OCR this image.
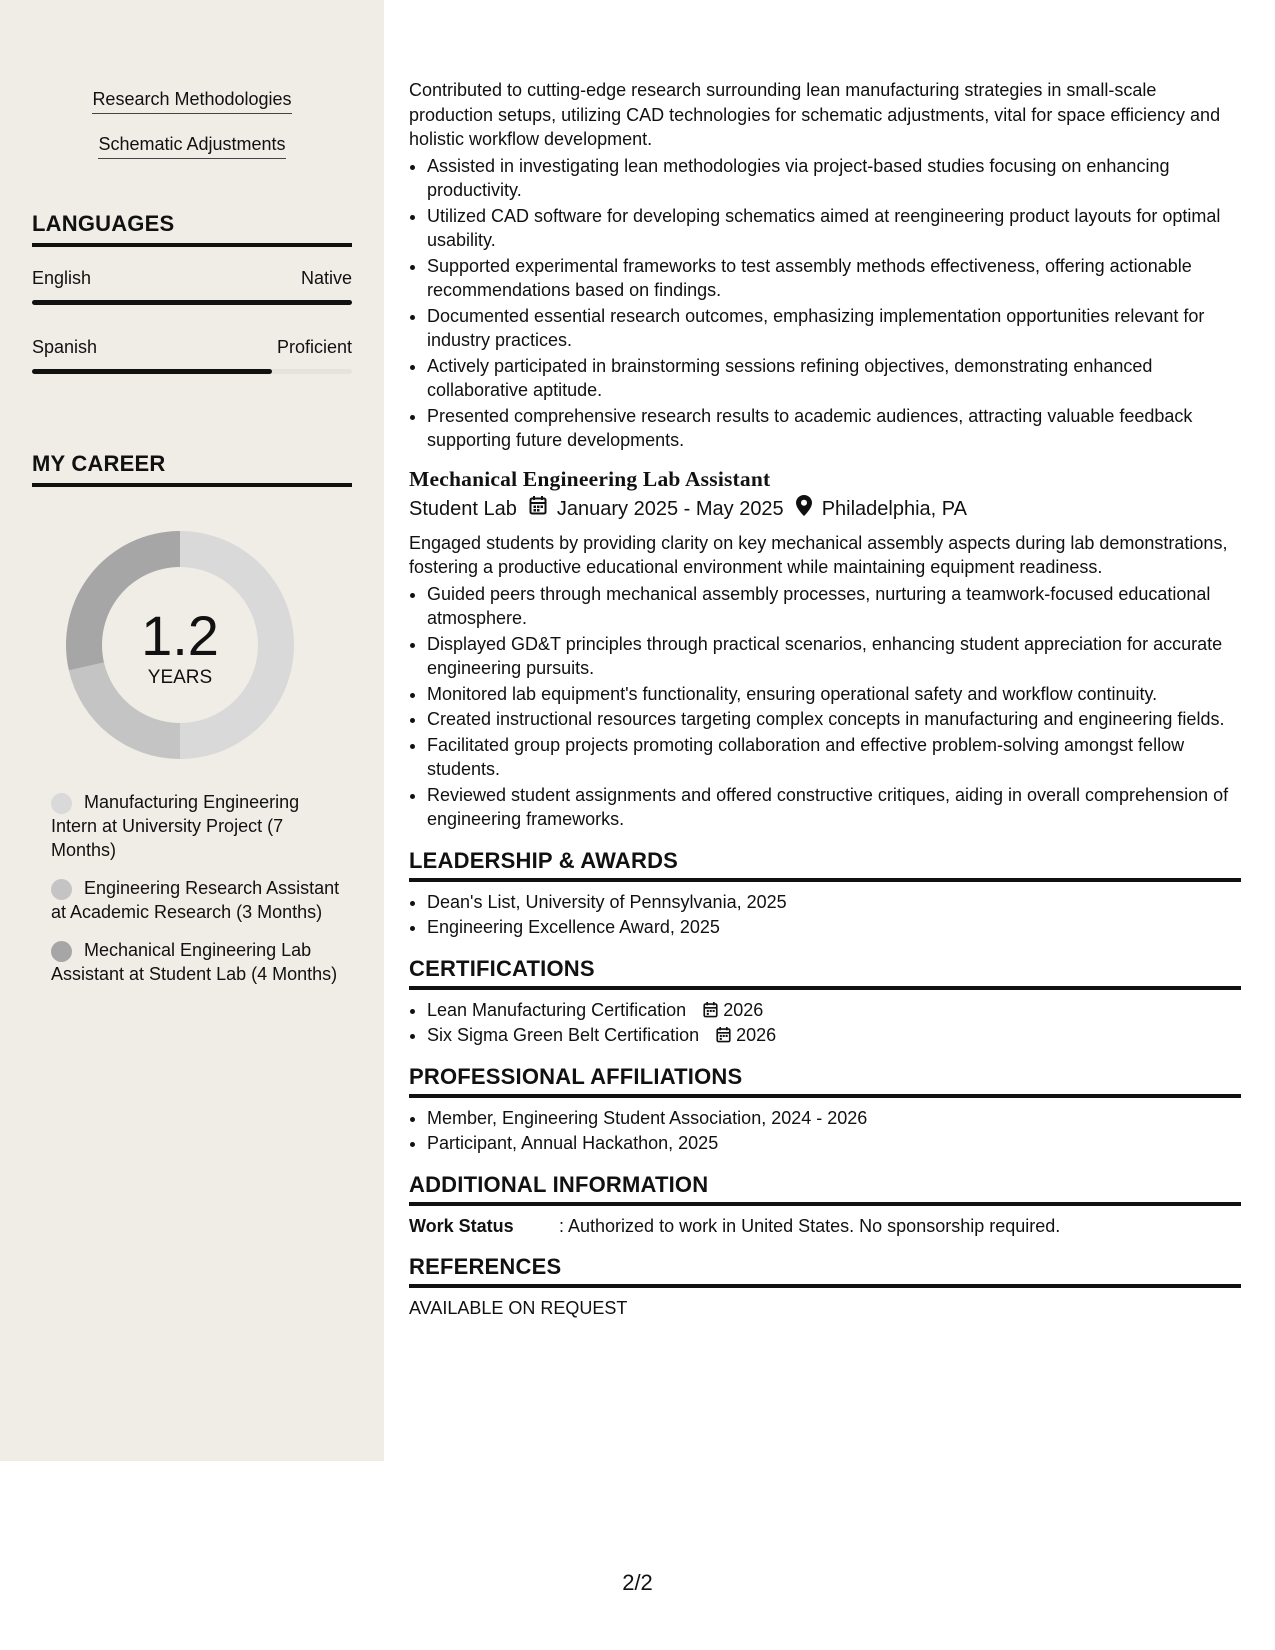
Research Methodologies
Schematic Adjustments
LANGUAGES
English	Native
Spanish	Proficient
MY CAREER
1.2
YEARS
Manufacturing Engineering Intern at University Project (7 Months)
Engineering Research Assistant at Academic Research (3 Months)
Mechanical Engineering Lab Assistant at Student Lab (4 Months)

Contributed to cutting-edge research surrounding lean manufacturing strategies in small-scale production setups, utilizing CAD technologies for schematic adjustments, vital for space efficiency and holistic workflow development.

• Assisted in investigating lean methodologies via project-based studies focusing on enhancing productivity.
• Utilized CAD software for developing schematics aimed at reengineering product layouts for optimal usability.
• Supported experimental frameworks to test assembly methods effectiveness, offering actionable recommendations based on findings.
• Documented essential research outcomes, emphasizing implementation opportunities relevant for industry practices.
• Actively participated in brainstorming sessions refining objectives, demonstrating enhanced collaborative aptitude.
• Presented comprehensive research results to academic audiences, attracting valuable feedback supporting future developments.
Mechanical Engineering Lab Assistant
Student Lab January 2025 - May 2025 Philadelphia, PA

Engaged students by providing clarity on key mechanical assembly aspects during lab demonstrations, fostering a productive educational environment while maintaining equipment readiness.

• Guided peers through mechanical assembly processes, nurturing a teamwork-focused educational atmosphere.
• Displayed GD&T principles through practical scenarios, enhancing student appreciation for accurate engineering pursuits.
• Monitored lab equipment's functionality, ensuring operational safety and workflow continuity.
• Created instructional resources targeting complex concepts in manufacturing and engineering fields.
• Facilitated group projects promoting collaboration and effective problem-solving amongst fellow students.
• Reviewed student assignments and offered constructive critiques, aiding in overall comprehension of engineering frameworks.
LEADERSHIP & AWARDS
• Dean's List, University of Pennsylvania, 2025
• Engineering Excellence Award, 2025
CERTIFICATIONS
• Lean Manufacturing Certification 2026
• Six Sigma Green Belt Certification 2026
PROFESSIONAL AFFILIATIONS
• Member, Engineering Student Association, 2024 - 2026
• Participant, Annual Hackathon, 2025
ADDITIONAL INFORMATION
Work Status	: Authorized to work in United States. No sponsorship required.
REFERENCES
AVAILABLE ON REQUEST
2/2
